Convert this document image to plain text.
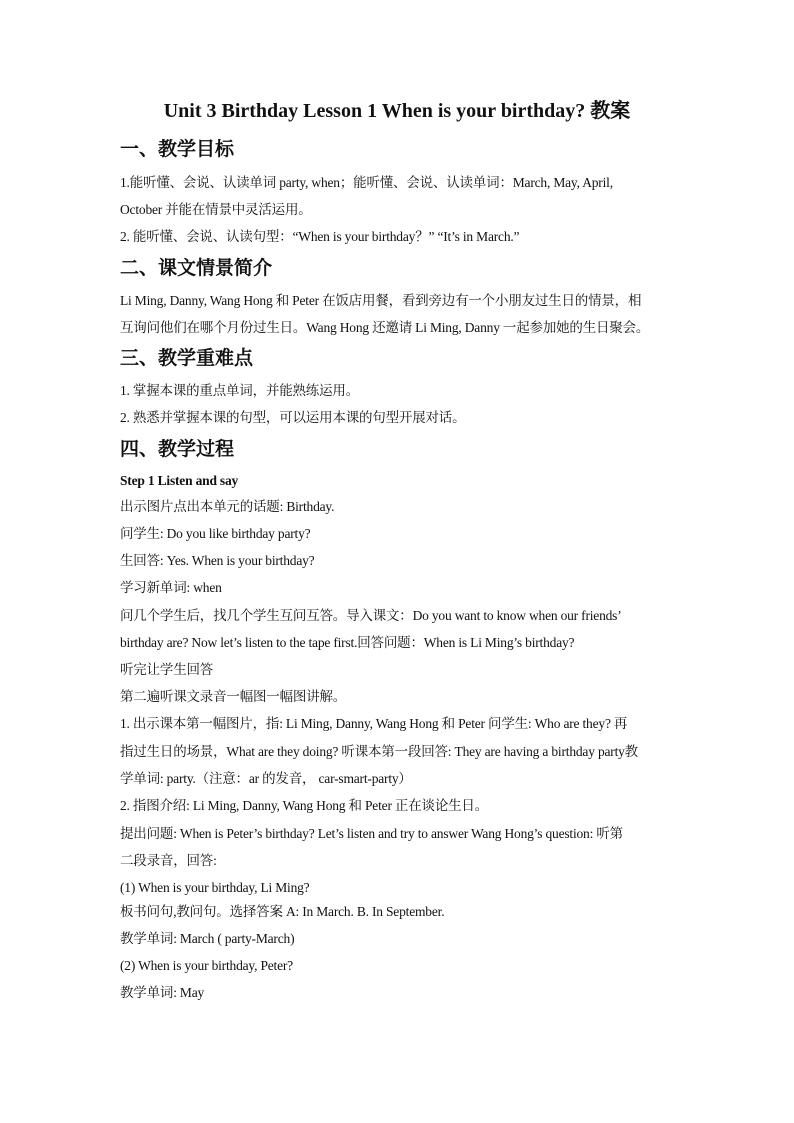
Unit 3 Birthday Lesson 1 When is your birthday? 教案
一、教学目标
1.能听懂、会说、认读单词 party, when；能听懂、会说、认读单词：March, May, April,
October 并能在情景中灵活运用。
2. 能听懂、会说、认读句型：“When is your birthday？” “It’s in March.”
二、课文情景简介
Li Ming, Danny, Wang Hong 和 Peter 在饭店用餐，看到旁边有一个小朋友过生日的情景，相
互询问他们在哪个月份过生日。Wang Hong 还邀请 Li Ming, Danny 一起参加她的生日聚会。
三、教学重难点
1. 掌握本课的重点单词，并能熟练运用。
2. 熟悉并掌握本课的句型，可以运用本课的句型开展对话。
四、教学过程
Step 1 Listen and say
出示图片点出本单元的话题: Birthday.
问学生: Do you like birthday party?
生回答: Yes. When is your birthday?
学习新单词: when
问几个学生后，找几个学生互问互答。导入课文：Do you want to know when our friends’
birthday are? Now let’s listen to the tape first.回答问题：When is Li Ming’s birthday?
听完让学生回答
第二遍听课文录音一幅图一幅图讲解。
1. 出示课本第一幅图片，指: Li Ming, Danny, Wang Hong 和 Peter 问学生: Who are they? 再
指过生日的场景，What are they doing? 听课本第一段回答: They are having a birthday party教
学单词: party.（注意：ar 的发音， car-smart-party）
2. 指图介绍: Li Ming, Danny, Wang Hong 和 Peter 正在谈论生日。
提出问题: When is Peter’s birthday? Let’s listen and try to answer Wang Hong’s question: 听第
二段录音，回答:
(1) When is your birthday, Li Ming?
板书问句,教问句。选择答案 A: In March. B. In September.
教学单词: March ( party-March)
(2) When is your birthday, Peter?
教学单词: May
